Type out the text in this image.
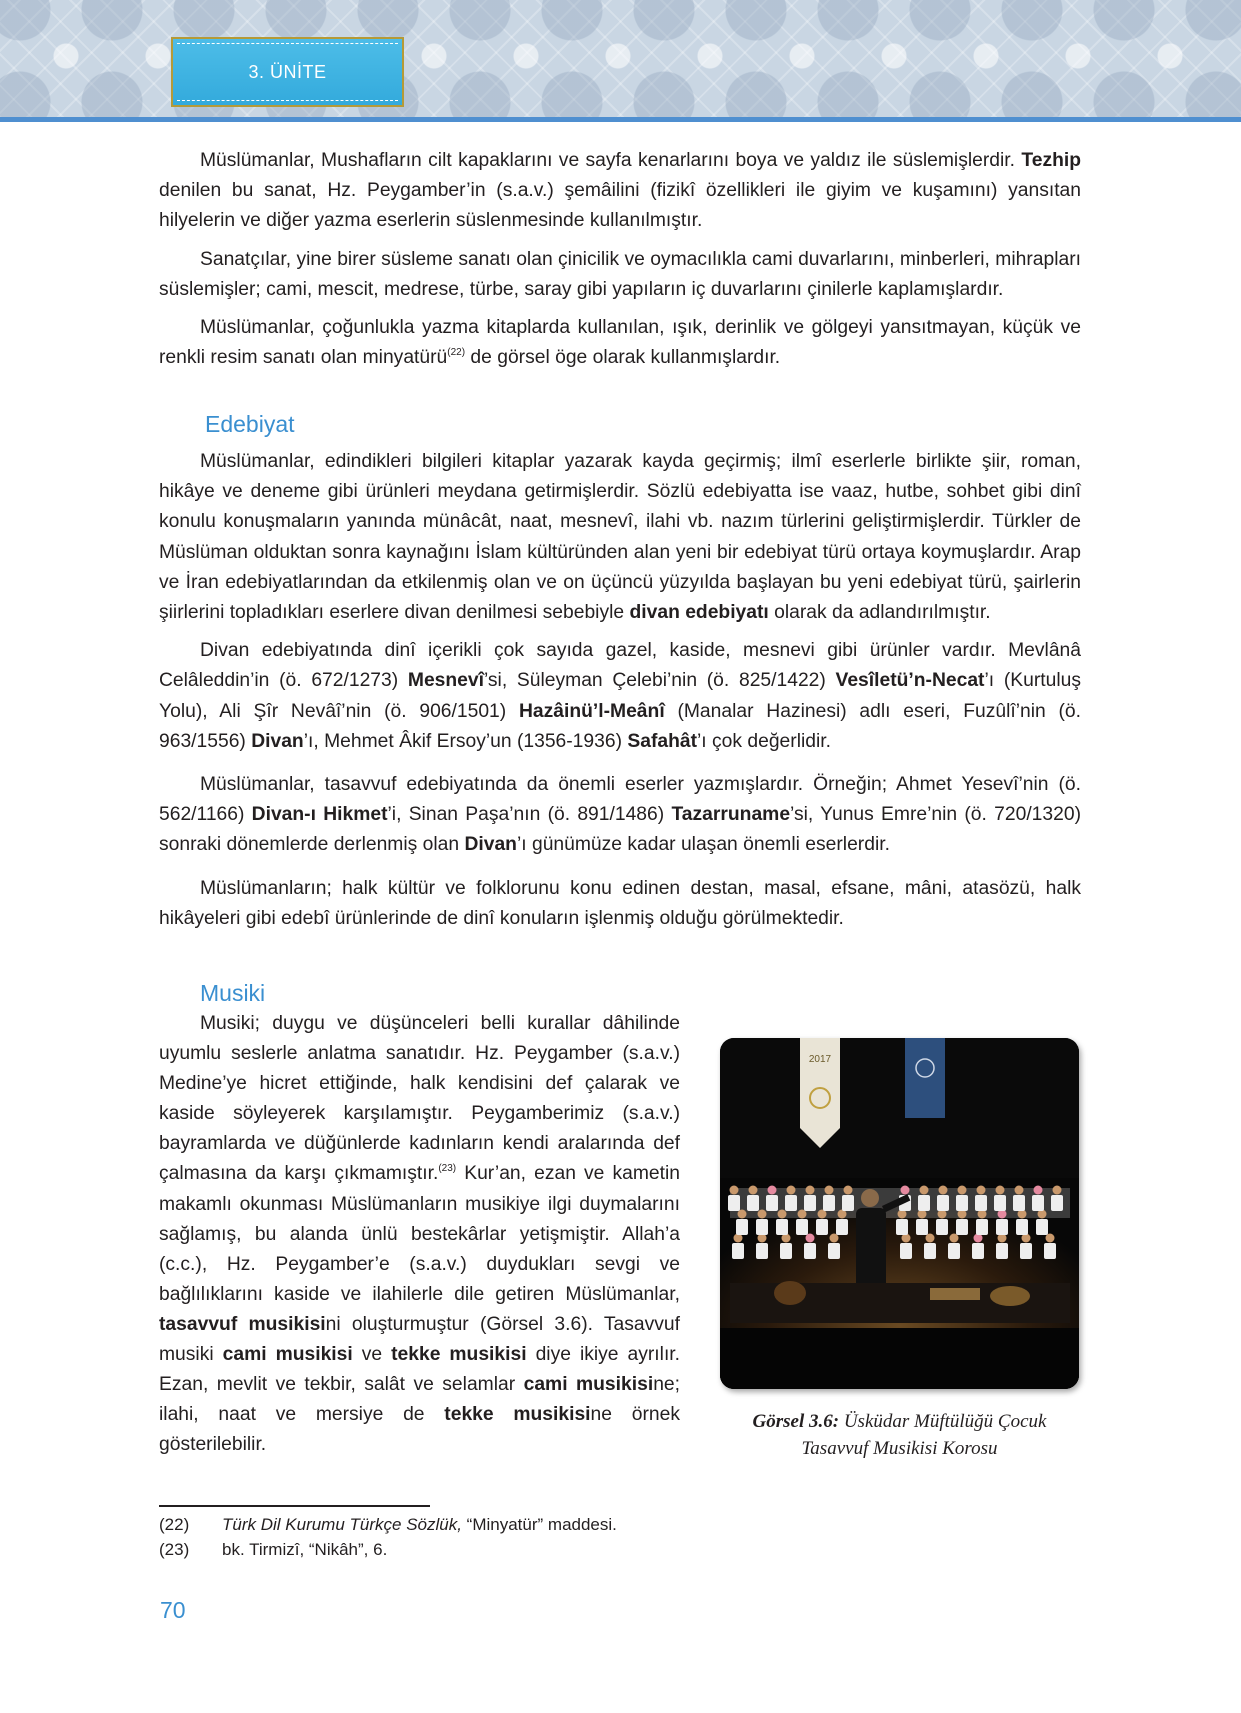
3. ÜNİTE

Müslümanlar, Mushafların cilt kapaklarını ve sayfa kenarlarını boya ve yaldız ile süslemişlerdir. Tezhip denilen bu sanat, Hz. Peygamber’in (s.a.v.) şemâilini (fizikî özellikleri ile giyim ve kuşamını) yansıtan hilyelerin ve diğer yazma eserlerin süslenmesinde kullanılmıştır.

Sanatçılar, yine birer süsleme sanatı olan çinicilik ve oymacılıkla cami duvarlarını, minberleri, mihrapları süslemişler; cami, mescit, medrese, türbe, saray gibi yapıların iç duvarlarını çinilerle kaplamışlardır.

Müslümanlar, çoğunlukla yazma kitaplarda kullanılan, ışık, derinlik ve gölgeyi yansıtmayan, küçük ve renkli resim sanatı olan minyatürü$^{(22)}$ de görsel öge olarak kullanmışlardır.

Edebiyat

Müslümanlar, edindikleri bilgileri kitaplar yazarak kayda geçirmiş; ilmî eserlerle birlikte şiir, roman, hikâye ve deneme gibi ürünleri meydana getirmişlerdir. Sözlü edebiyatta ise vaaz, hutbe, sohbet gibi dinî konulu konuşmaların yanında münâcât, naat, mesnevî, ilahi vb. nazım türlerini geliştirmişlerdir. Türkler de Müslüman olduktan sonra kaynağını İslam kültüründen alan yeni bir edebiyat türü ortaya koymuşlardır. Arap ve İran edebiyatlarından da etkilenmiş olan ve on üçüncü yüzyılda başlayan bu yeni edebiyat türü, şairlerin şiirlerini topladıkları eserlere divan denilmesi sebebiyle divan edebiyatı olarak da adlandırılmıştır.

Divan edebiyatında dinî içerikli çok sayıda gazel, kaside, mesnevi gibi ürünler vardır. Mevlânâ Celâleddin’in (ö. 672/1273) Mesnevî’si, Süleyman Çelebi’nin (ö. 825/1422) Vesîletü’n-Necat’ı (Kurtuluş Yolu), Ali Şîr Nevâî’nin (ö. 906/1501) Hazâinü’l-Meânî (Manalar Hazinesi) adlı eseri, Fuzûlî’nin (ö. 963/1556) Divan’ı, Mehmet Âkif Ersoy’un (1356-1936) Safahât’ı çok değerlidir.

Müslümanlar, tasavvuf edebiyatında da önemli eserler yazmışlardır. Örneğin; Ahmet Yesevî’nin (ö. 562/1166) Divan-ı Hikmet’i, Sinan Paşa’nın (ö. 891/1486) Tazarruname’si, Yunus Emre’nin (ö. 720/1320) sonraki dönemlerde derlenmiş olan Divan’ı günümüze kadar ulaşan önemli eserlerdir.

Müslümanların; halk kültür ve folklorunu konu edinen destan, masal, efsane, mâni, atasözü, halk hikâyeleri gibi edebî ürünlerinde de dinî konuların işlenmiş olduğu görülmektedir.

Musiki

Musiki; duygu ve düşünceleri belli kurallar dâhilinde uyumlu seslerle anlatma sanatıdır. Hz. Peygamber (s.a.v.) Medine’ye hicret ettiğinde, halk kendisini def çalarak ve kaside söyleyerek karşılamıştır. Peygamberimiz (s.a.v.) bayramlarda ve düğünlerde kadınların kendi aralarında def çalmasına da karşı çıkmamıştır.$^{(23)}$ Kur’an, ezan ve kametin makamlı okunması Müslümanların musikiye ilgi duymalarını sağlamış, bu alanda ünlü bestekârlar yetişmiştir. Allah’a (c.c.), Hz. Peygamber’e (s.a.v.) duydukları sevgi ve bağlılıklarını kaside ve ilahilerle dile getiren Müslümanlar, tasavvuf musikisini oluşturmuştur (Görsel 3.6). Tasavvuf musiki cami musikisi ve tekke musikisi diye ikiye ayrılır. Ezan, mevlit ve tekbir, salât ve selamlar cami musikisine; ilahi, naat ve mersiye de tekke musikisine örnek gösterilebilir.

2017
Görsel 3.6: Üsküdar Müftülüğü Çocuk Tasavvuf Musikisi Korosu
(22)	Türk Dil Kurumu Türkçe Sözlük, “Minyatür” maddesi.
(23)	bk. Tirmizî, “Nikâh”, 6.
70
